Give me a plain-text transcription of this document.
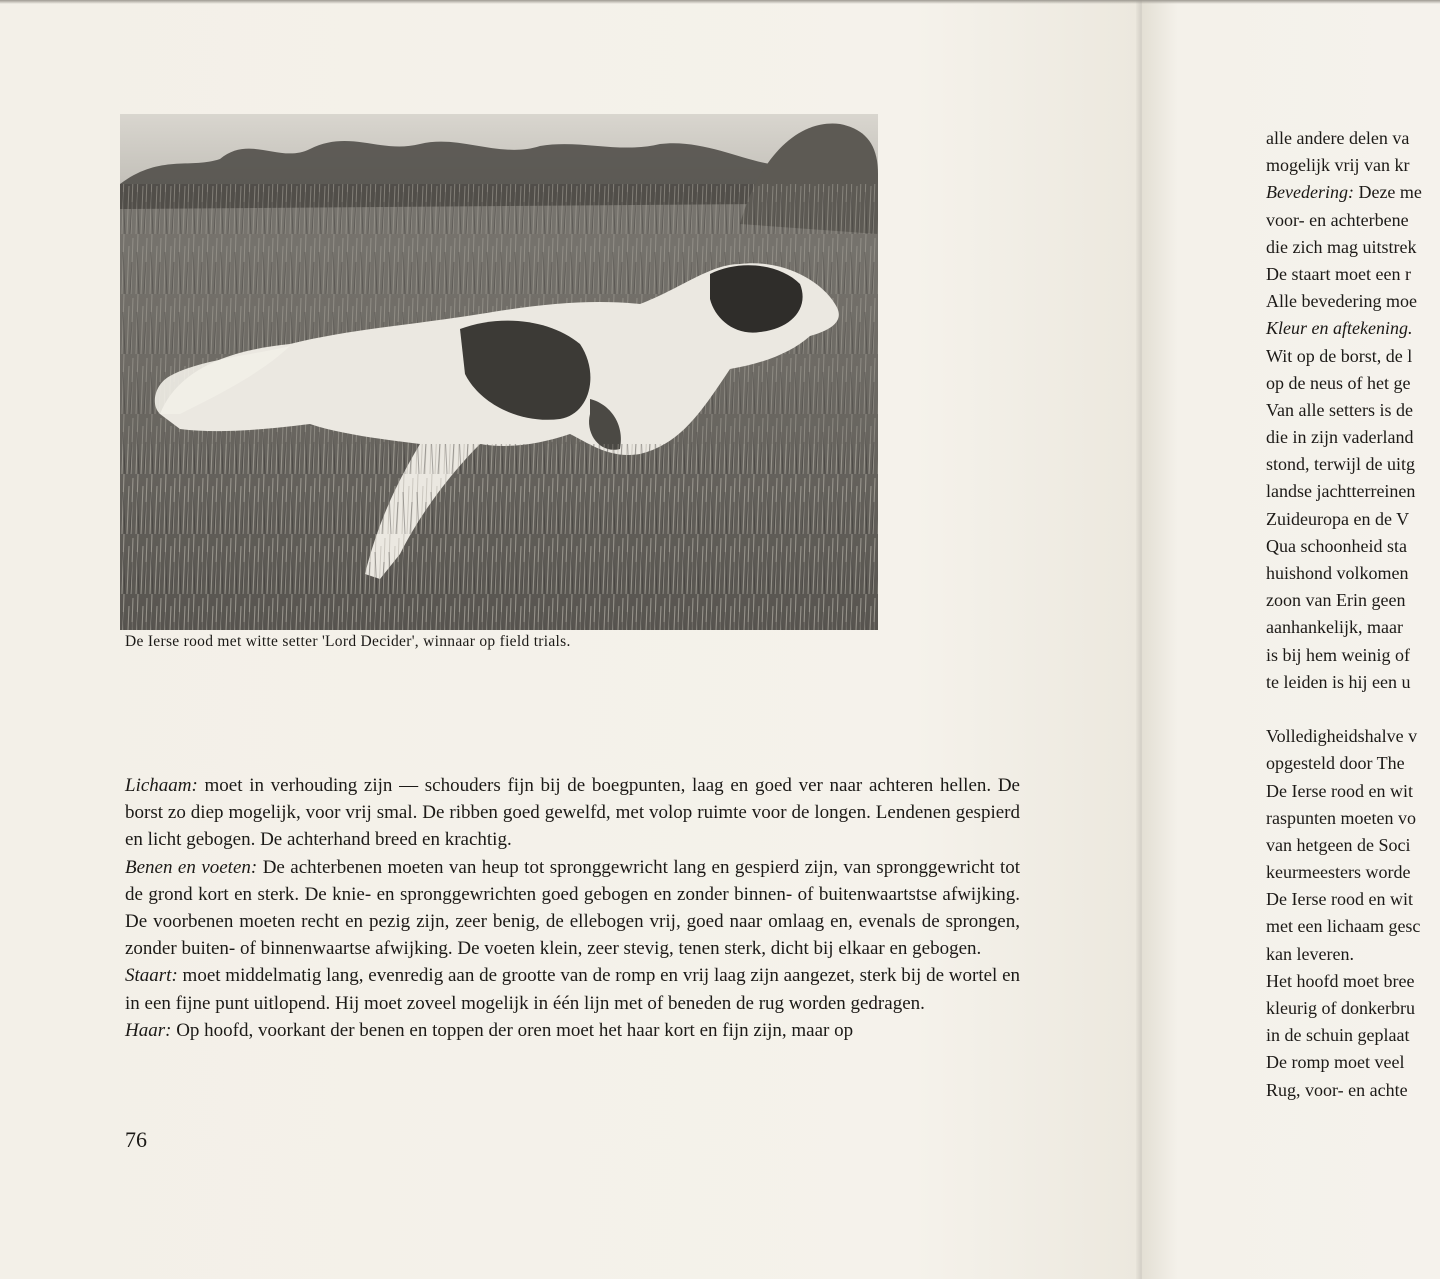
De Ierse rood met witte setter 'Lord Decider', winnaar op field trials.

Lichaam: moet in verhouding zijn — schouders fijn bij de boegpunten, laag en goed ver naar achteren hellen. De borst zo diep mogelijk, voor vrij smal. De ribben goed gewelfd, met volop ruimte voor de longen. Lendenen gespierd en licht gebogen. De achterhand breed en krachtig.

Benen en voeten: De achterbenen moeten van heup tot spronggewricht lang en gespierd zijn, van spronggewricht tot de grond kort en sterk. De knie- en spronggewrichten goed gebogen en zonder binnen- of buitenwaartstse afwijking. De voorbenen moeten recht en pezig zijn, zeer benig, de ellebogen vrij, goed naar omlaag en, evenals de sprongen, zonder buiten- of binnenwaartse afwijking. De voeten klein, zeer stevig, tenen sterk, dicht bij elkaar en gebogen.

Staart: moet middelmatig lang, evenredig aan de grootte van de romp en vrij laag zijn aangezet, sterk bij de wortel en in een fijne punt uitlopend. Hij moet zoveel mogelijk in één lijn met of beneden de rug worden gedragen.

Haar: Op hoofd, voorkant der benen en toppen der oren moet het haar kort en fijn zijn, maar op

76
alle andere delen va
mogelijk vrij van kr
Bevedering: Deze me
voor- en achterbene
die zich mag uitstrek
De staart moet een r
Alle bevedering moe
Kleur en aftekening.
Wit op de borst, de l
op de neus of het ge
Van alle setters is de
die in zijn vaderland
stond, terwijl de uitg
landse jachtterreinen
Zuideuropa en de V
Qua schoonheid sta
huishond volkomen
zoon van Erin geen
aanhankelijk, maar
is bij hem weinig of
te leiden is hij een u
Volledigheidshalve v
opgesteld door The
De Ierse rood en wit
raspunten moeten vo
van hetgeen de Soci
keurmeesters worde
De Ierse rood en wit
met een lichaam gesc
kan leveren.
Het hoofd moet bree
kleurig of donkerbru
in de schuin geplaat
De romp moet veel
Rug, voor- en achte
